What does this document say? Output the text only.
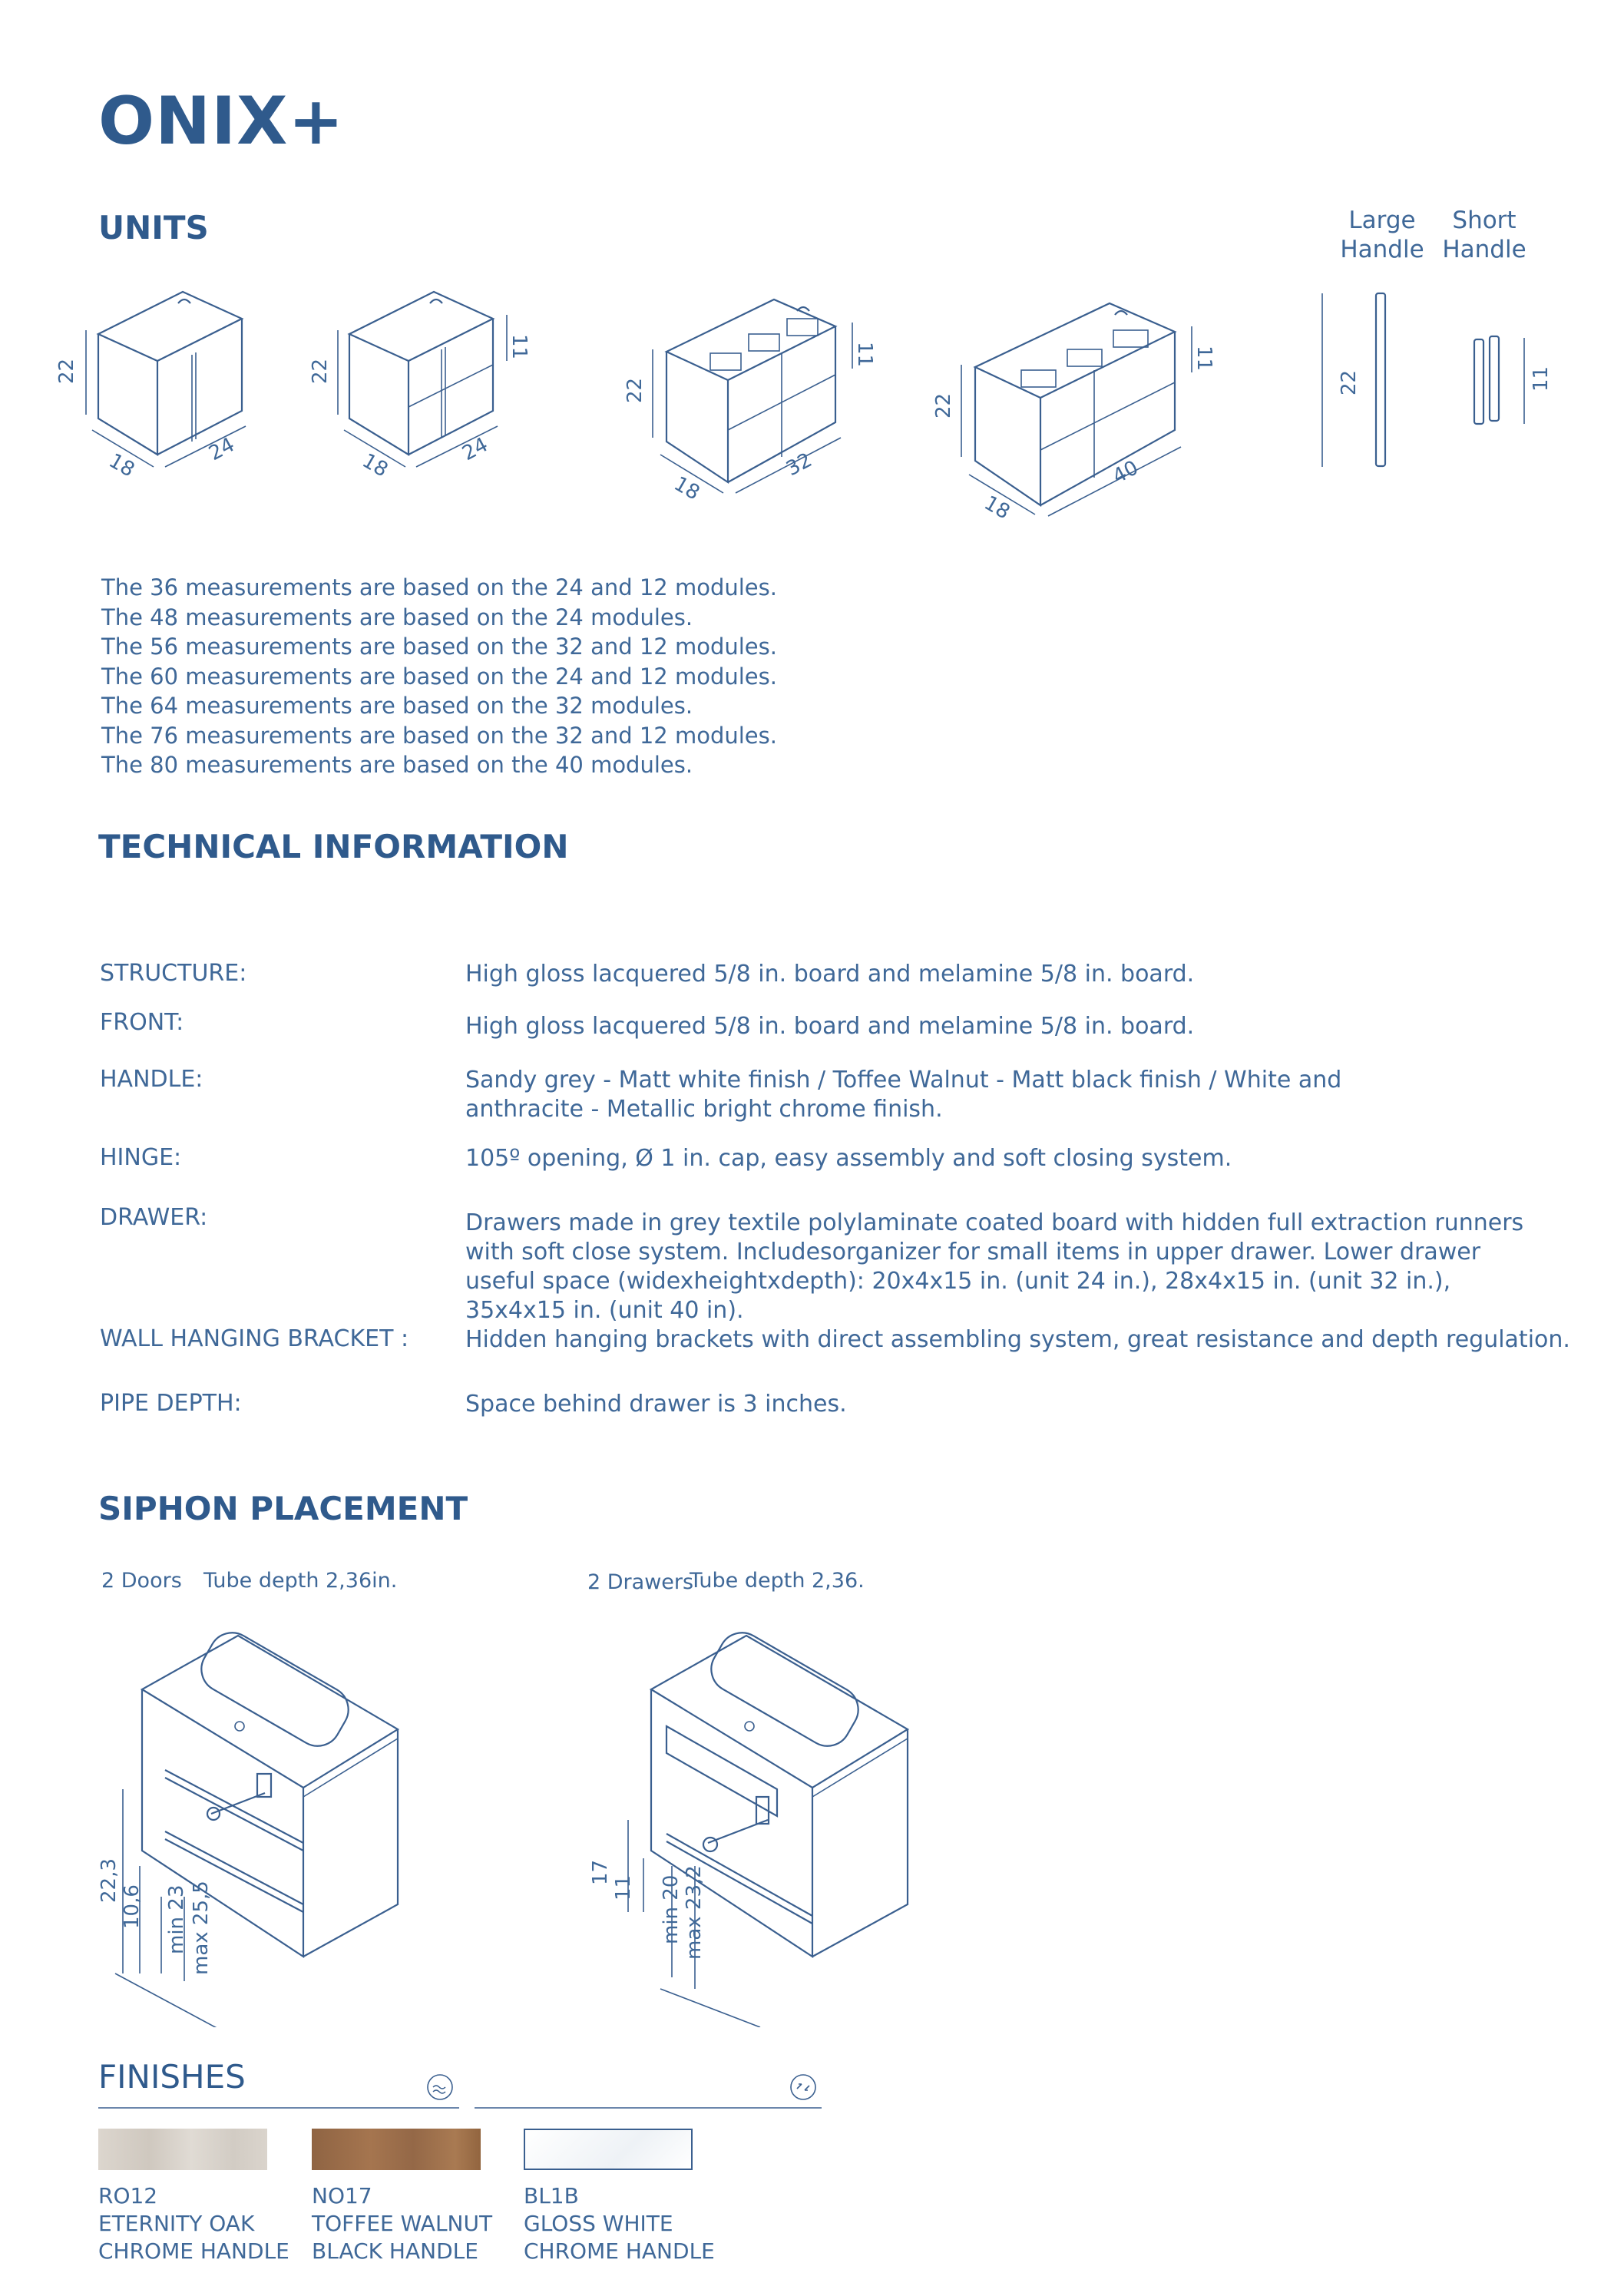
ONIX+
UNITS	Large
Handle
Short
Handle
22
18	24
11
22
18	24
11
22
18
32
11
22
18
40
22	11
The 36 measurements are based on the 24 and 12 modules.
The 48 measurements are based on the 24 modules.
The 56 measurements are based on the 32 and 12 modules.
The 60 measurements are based on the 24 and 12 modules.
The 64 measurements are based on the 32 modules.
The 76 measurements are based on the 32 and 12 modules.
The 80 measurements are based on the 40 modules.
TECHNICAL INFORMATION
STRUCTURE:	High gloss lacquered 5/8 in. board and melamine 5/8 in. board.
FRONT:	High gloss lacquered 5/8 in. board and melamine 5/8 in. board.
HANDLE:	Sandy grey - Matt white finish / Toffee Walnut - Matt black finish / White and anthracite - Metallic bright chrome finish.
HINGE:	105º opening, Ø 1 in. cap, easy assembly and soft closing system.
DRAWER:	Drawers made in grey textile polylaminate coated board with hidden full extraction runners with soft close system. Includesorganizer for small items in upper drawer. Lower drawer useful space (widexheightxdepth): 20x4x15 in. (unit 24 in.), 28x4x15 in. (unit 32 in.), 35x4x15 in. (unit 40 in).
WALL HANGING BRACKET : Hidden hanging brackets with direct assembling system, great resistance and depth regulation.
PIPE DEPTH:	Space behind drawer is 3 inches.
SIPHON PLACEMENT
2 Doors Tube depth 2,36in.	2 Drawers
Tube depth 2,36.
22,3
10,6 min 23 max 25,5
17
11 min 20 max 23,2
FINISHES
RO12
ETERNITY OAK
CHROME HANDLE
NO17
TOFFEE WALNUT
BLACK HANDLE
BL1B
GLOSS WHITE
CHROME HANDLE
